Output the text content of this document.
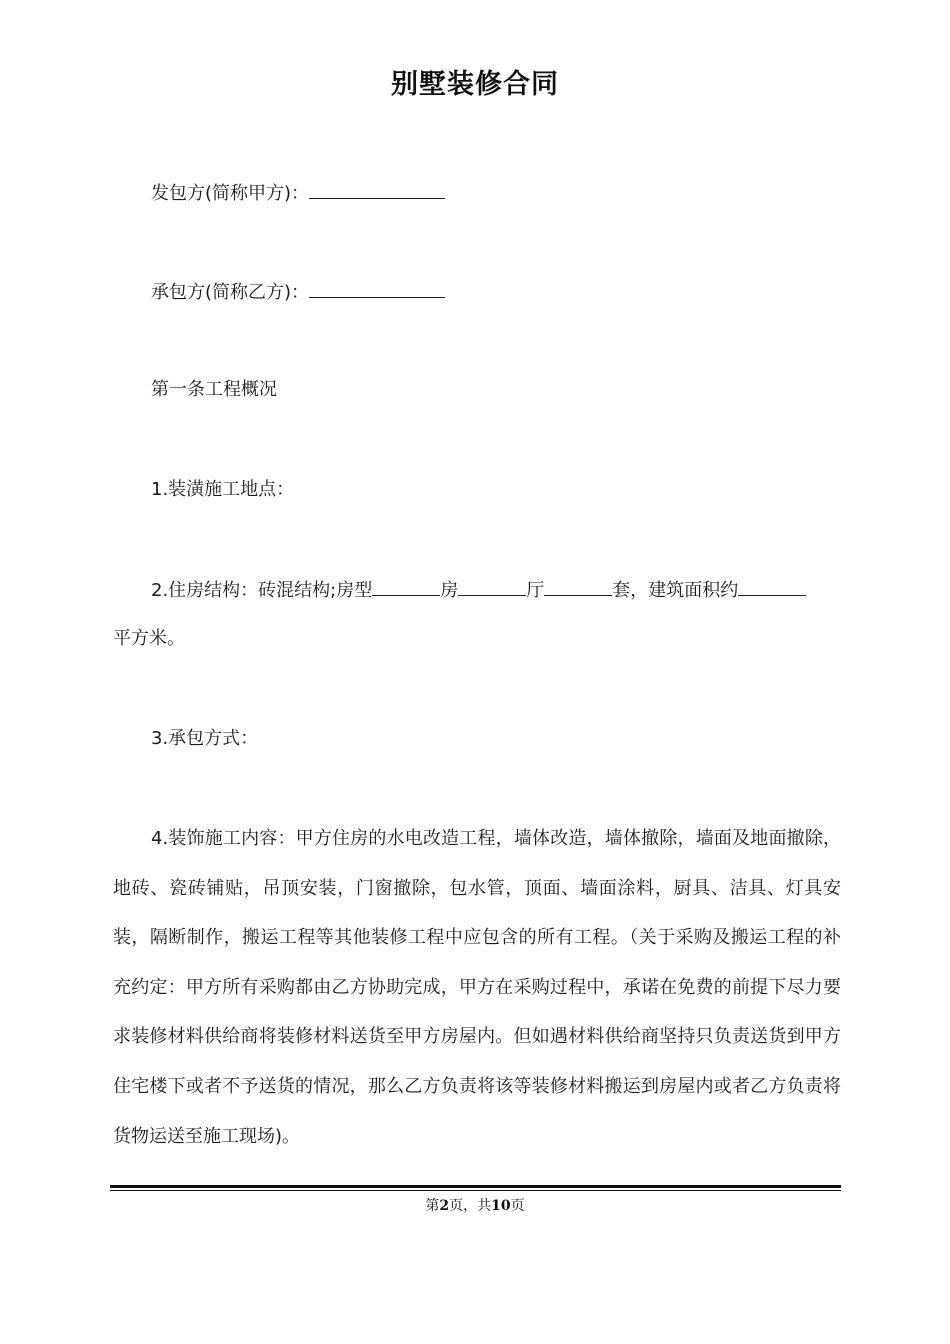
别墅装修合同
发包方(简称甲方)：
承包方(简称乙方)：
第一条工程概况
1.装潢施工地点：
2.住房结构：砖混结构;房型	房	厅	套，建筑面积约
平方米。
3.承包方式：
4.装饰施工内容：甲方住房的水电改造工程，墙体改造，墙体撤除，墙面及地面撤除，地砖、瓷砖铺贴，吊顶安装，门窗撤除，包水管，顶面、墙面涂料，厨具、洁具、灯具安装，隔断制作，搬运工程等其他装修工程中应包含的所有工程。（关于采购及搬运工程的补充约定：甲方所有采购都由乙方协助完成，甲方在采购过程中，承诺在免费的前提下尽力要求装修材料供给商将装修材料送货至甲方房屋内。但如遇材料供给商坚持只负责送货到甲方住宅楼下或者不予送货的情况，那么乙方负责将该等装修材料搬运到房屋内或者乙方负责将货物运送至施工现场)。
第2页，共10页
